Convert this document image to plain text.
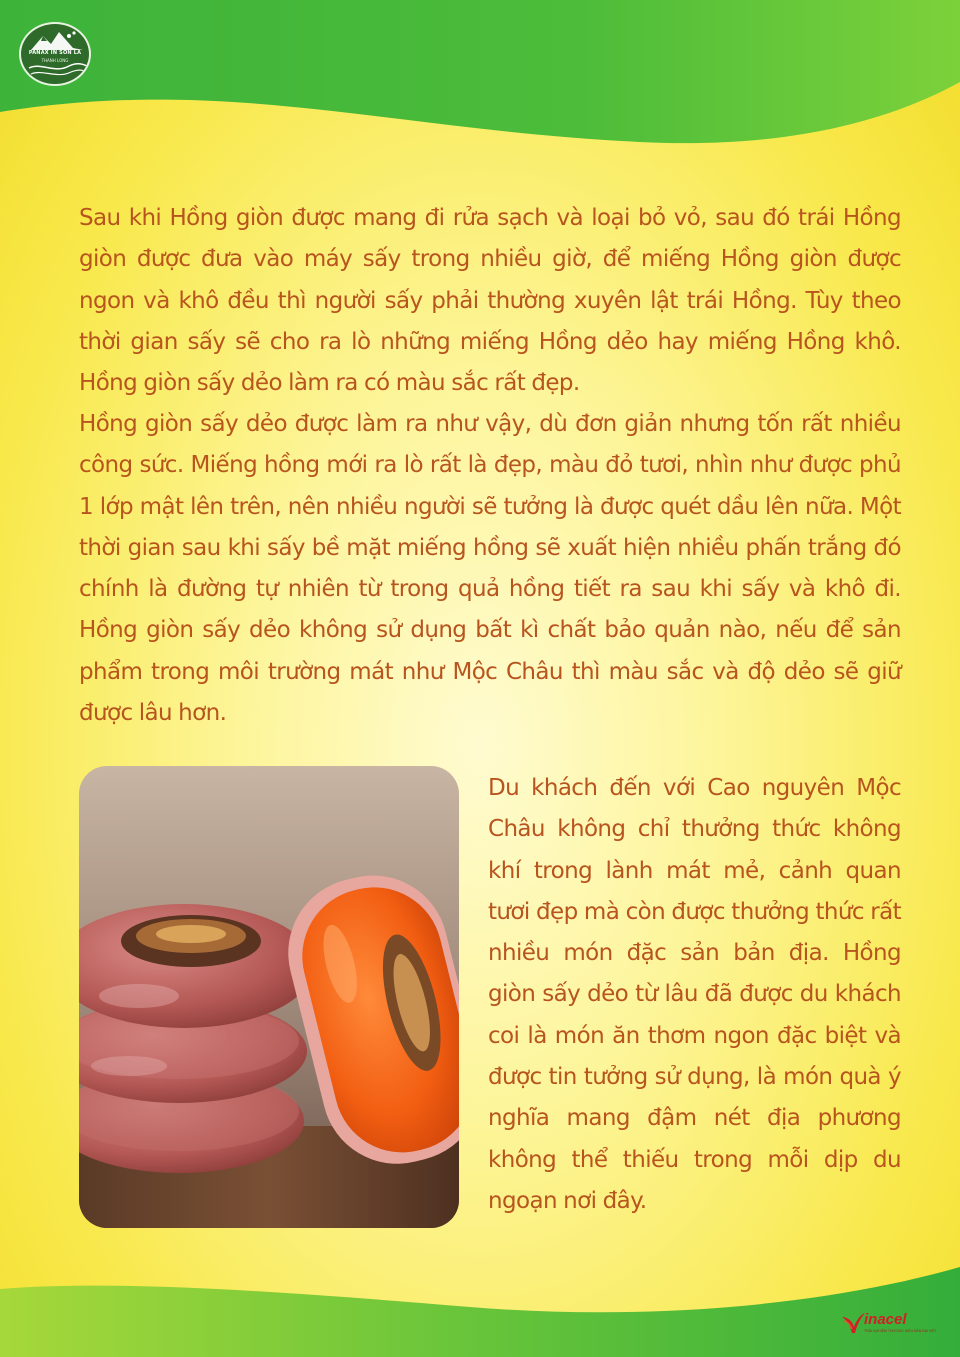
PANAX IN SON LA
THANH LONG

Sau khi Hồng giòn được mang đi rửa sạch và loại bỏ vỏ, sau đó trái Hồng giòn được đưa vào máy sấy trong nhiều giờ, để miếng Hồng giòn được ngon và khô đều thì người sấy phải thường xuyên lật trái Hồng. Tùy theo thời gian sấy sẽ cho ra lò những miếng Hồng dẻo hay miếng Hồng khô. Hồng giòn sấy dẻo làm ra có màu sắc rất đẹp.

Hồng giòn sấy dẻo được làm ra như vậy, dù đơn giản nhưng tốn rất nhiều công sức. Miếng hồng mới ra lò rất là đẹp, màu đỏ tươi, nhìn như được phủ 1 lớp mật lên trên, nên nhiều người sẽ tưởng là được quét dầu lên nữa. Một thời gian sau khi sấy bề mặt miếng hồng sẽ xuất hiện nhiều phấn trắng đó chính là đường tự nhiên từ trong quả hồng tiết ra sau khi sấy và khô đi. Hồng giòn sấy dẻo không sử dụng bất kì chất bảo quản nào, nếu để sản phẩm trong môi trường mát như Mộc Châu thì màu sắc và độ dẻo sẽ giữ được lâu hơn.

Du khách đến với Cao nguyên Mộc Châu không chỉ thưởng thức không khí trong lành mát mẻ, cảnh quan tươi đẹp mà còn được thưởng thức rất nhiều món đặc sản bản địa. Hồng giòn sấy dẻo từ lâu đã được du khách coi là món ăn thơm ngon đặc biệt và được tin tưởng sử dụng, là món quà ý nghĩa mang đậm nét địa phương không thể thiếu trong mỗi dịp du ngoạn nơi đây.

inacel
TRẢI NGHIỆM THƯƠNG HIỆU BẢN ĐỊA VIỆT
